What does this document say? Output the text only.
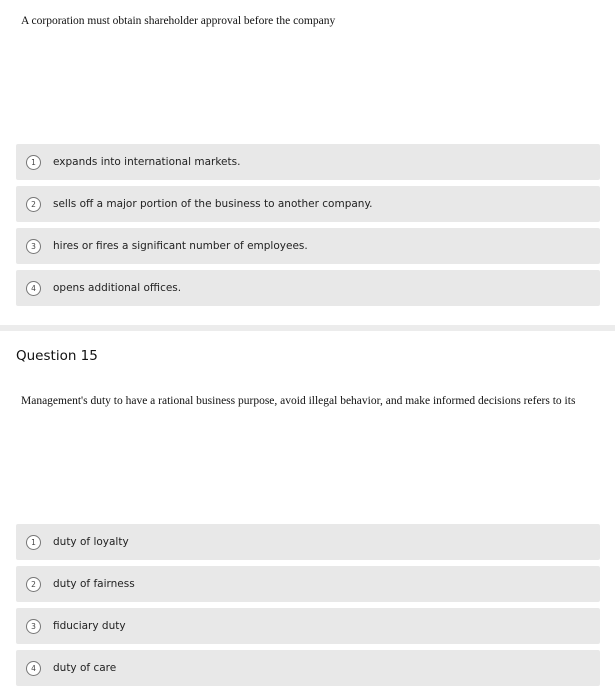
A corporation must obtain shareholder approval before the company
1	expands into international markets.
2	sells off a major portion of the business to another company.
3	hires or fires a significant number of employees.
4	opens additional offices.
Question 15
Management's duty to have a rational business purpose, avoid illegal behavior, and make informed decisions refers to its
1	duty of loyalty
2	duty of fairness
3	fiduciary duty
4	duty of care
